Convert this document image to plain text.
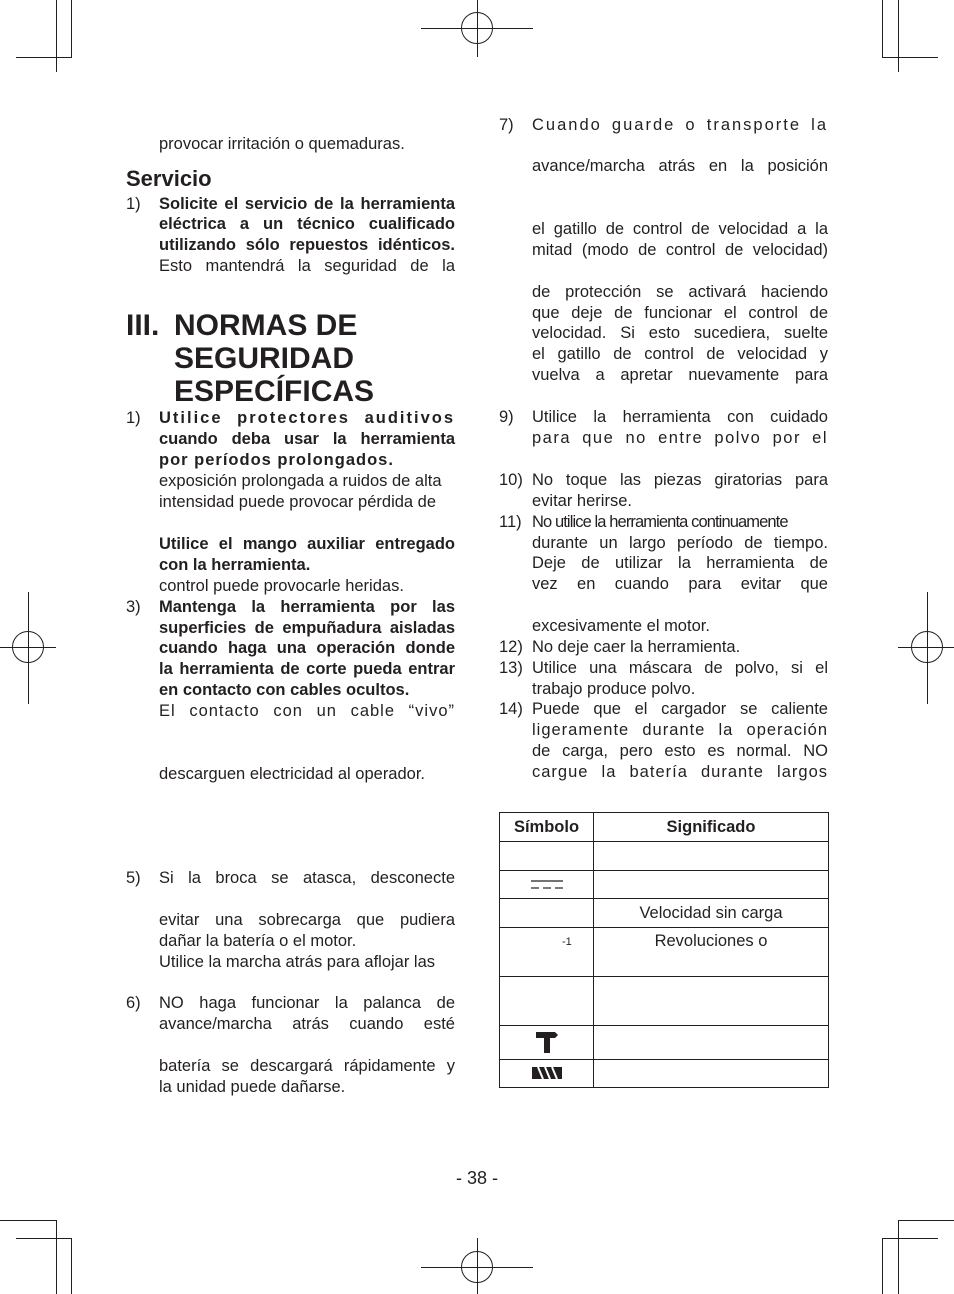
provocar irritación o quemaduras.
Servicio
1) Solicite el servicio de la herramienta
eléctrica a un técnico cualificado
utilizando sólo repuestos idénticos.
Esto mantendrá la seguridad de la
III. NORMAS DE
SEGURIDAD
ESPECÍFICAS
1) Utilice protectores auditivos
cuando deba usar la herramienta
por períodos prolongados.
exposición prolongada a ruidos de alta
intensidad puede provocar pérdida de
Utilice el mango auxiliar entregado
con la herramienta.
control puede provocarle heridas.
3) Mantenga la herramienta por las
superficies de empuñadura aisladas
cuando haga una operación donde
la herramienta de corte pueda entrar
en contacto con cables ocultos.
El contacto con un cable “vivo”
descarguen electricidad al operador.
5) Si la broca se atasca, desconecte
evitar una sobrecarga que pudiera
dañar la batería o el motor.
Utilice la marcha atrás para aflojar las
6) NO haga funcionar la palanca de
avance/marcha atrás cuando esté
batería se descargará rápidamente y
la unidad puede dañarse.
7) Cuando guarde o transporte la
avance/marcha atrás en la posición
el gatillo de control de velocidad a la
mitad (modo de control de velocidad)
de protección se activará haciendo
que deje de funcionar el control de
velocidad. Si esto sucediera, suelte
el gatillo de control de velocidad y
vuelva a apretar nuevamente para
9) Utilice la herramienta con cuidado
para que no entre polvo por el
10) No toque las piezas giratorias para
evitar herirse.
11) No utilice la herramienta continuamente
durante un largo período de tiempo.
Deje de utilizar la herramienta de
vez en cuando para evitar que
excesivamente el motor.
12) No deje caer la herramienta.
13) Utilice una máscara de polvo, si el
trabajo produce polvo.
14) Puede que el cargador se caliente
ligeramente durante la operación
de carga, pero esto es normal. NO
cargue la batería durante largos
Símbolo	Significado

	Velocidad sin carga
-1	Revoluciones o

- 38 -
